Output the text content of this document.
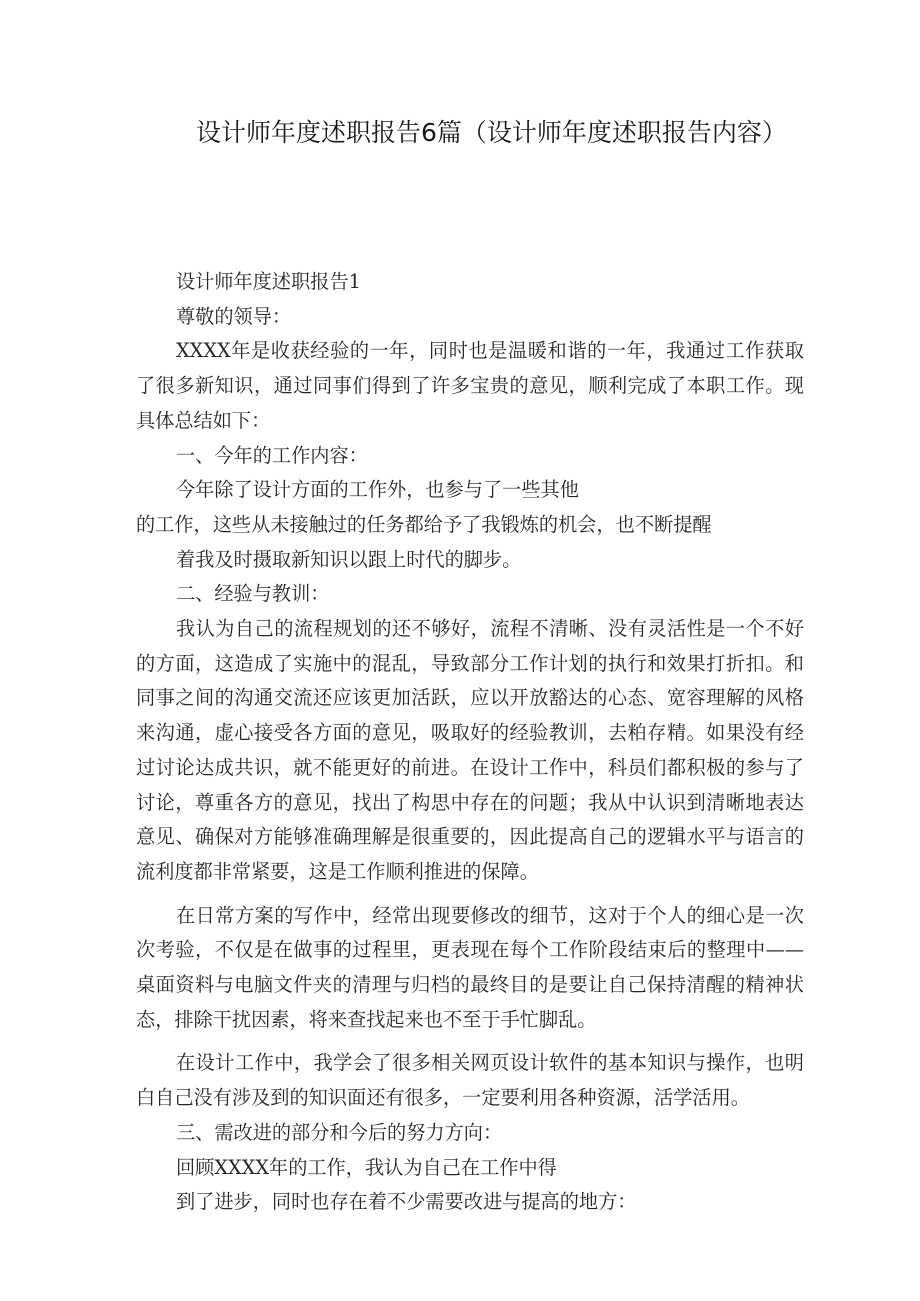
设计师年度述职报告6篇（设计师年度述职报告内容）

设计师年度述职报告1

尊敬的领导：

XXXX年是收获经验的一年，同时也是温暖和谐的一年，我通过工作获取了很多新知识，通过同事们得到了许多宝贵的意见，顺利完成了本职工作。现具体总结如下：

一、今年的工作内容：

今年除了设计方面的工作外，也参与了一些其他

的工作，这些从未接触过的任务都给予了我锻炼的机会，也不断提醒

着我及时摄取新知识以跟上时代的脚步。

二、经验与教训：

我认为自己的流程规划的还不够好，流程不清晰、没有灵活性是一个不好的方面，这造成了实施中的混乱，导致部分工作计划的执行和效果打折扣。和同事之间的沟通交流还应该更加活跃，应以开放豁达的心态、宽容理解的风格来沟通，虚心接受各方面的意见，吸取好的经验教训，去粕存精。如果没有经过讨论达成共识，就不能更好的前进。在设计工作中，科员们都积极的参与了讨论，尊重各方的意见，找出了构思中存在的问题；我从中认识到清晰地表达意见、确保对方能够准确理解是很重要的，因此提高自己的逻辑水平与语言的流利度都非常紧要，这是工作顺利推进的保障。

在日常方案的写作中，经常出现要修改的细节，这对于个人的细心是一次次考验，不仅是在做事的过程里，更表现在每个工作阶段结束后的整理中——桌面资料与电脑文件夹的清理与归档的最终目的是要让自己保持清醒的精神状态，排除干扰因素，将来查找起来也不至于手忙脚乱。

在设计工作中，我学会了很多相关网页设计软件的基本知识与操作，也明白自己没有涉及到的知识面还有很多，一定要利用各种资源，活学活用。

三、需改进的部分和今后的努力方向：

回顾XXXX年的工作，我认为自己在工作中得

到了进步，同时也存在着不少需要改进与提高的地方：
